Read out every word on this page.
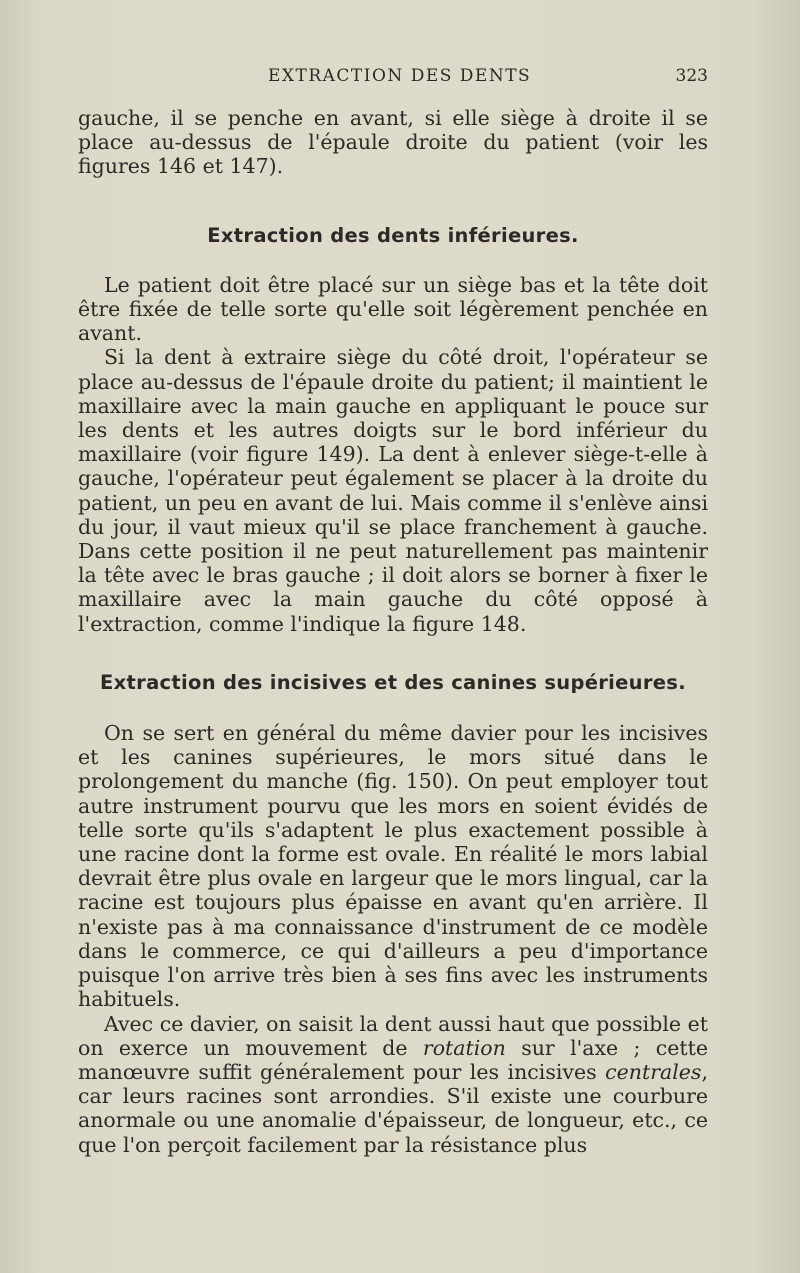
EXTRACTION DES DENTS	323

gauche, il se penche en avant, si elle siège à droite il se place au-dessus de l'épaule droite du patient (voir les figures 146 et 147).

Extraction des dents inférieures.

Le patient doit être placé sur un siège bas et la tête doit être fixée de telle sorte qu'elle soit légèrement penchée en avant.

Si la dent à extraire siège du côté droit, l'opérateur se place au-dessus de l'épaule droite du patient; il maintient le maxillaire avec la main gauche en appliquant le pouce sur les dents et les autres doigts sur le bord inférieur du maxillaire (voir figure 149). La dent à enlever siège-t-elle à gauche, l'opérateur peut également se placer à la droite du patient, un peu en avant de lui. Mais comme il s'enlève ainsi du jour, il vaut mieux qu'il se place franchement à gauche. Dans cette position il ne peut naturellement pas maintenir la tête avec le bras gauche ; il doit alors se borner à fixer le maxillaire avec la main gauche du côté opposé à l'extraction, comme l'indique la figure 148.

Extraction des incisives et des canines supérieures.

On se sert en général du même davier pour les incisives et les canines supérieures, le mors situé dans le prolongement du manche (fig. 150). On peut employer tout autre instrument pourvu que les mors en soient évidés de telle sorte qu'ils s'adaptent le plus exactement possible à une racine dont la forme est ovale. En réalité le mors labial devrait être plus ovale en largeur que le mors lingual, car la racine est toujours plus épaisse en avant qu'en arrière. Il n'existe pas à ma connaissance d'instrument de ce modèle dans le commerce, ce qui d'ailleurs a peu d'importance puisque l'on arrive très bien à ses fins avec les instruments habituels.

Avec ce davier, on saisit la dent aussi haut que possible et on exerce un mouvement de rotation sur l'axe ; cette manœuvre suffit généralement pour les incisives centrales, car leurs racines sont arrondies. S'il existe une courbure anormale ou une anomalie d'épaisseur, de longueur, etc., ce que l'on perçoit facilement par la résistance plus
